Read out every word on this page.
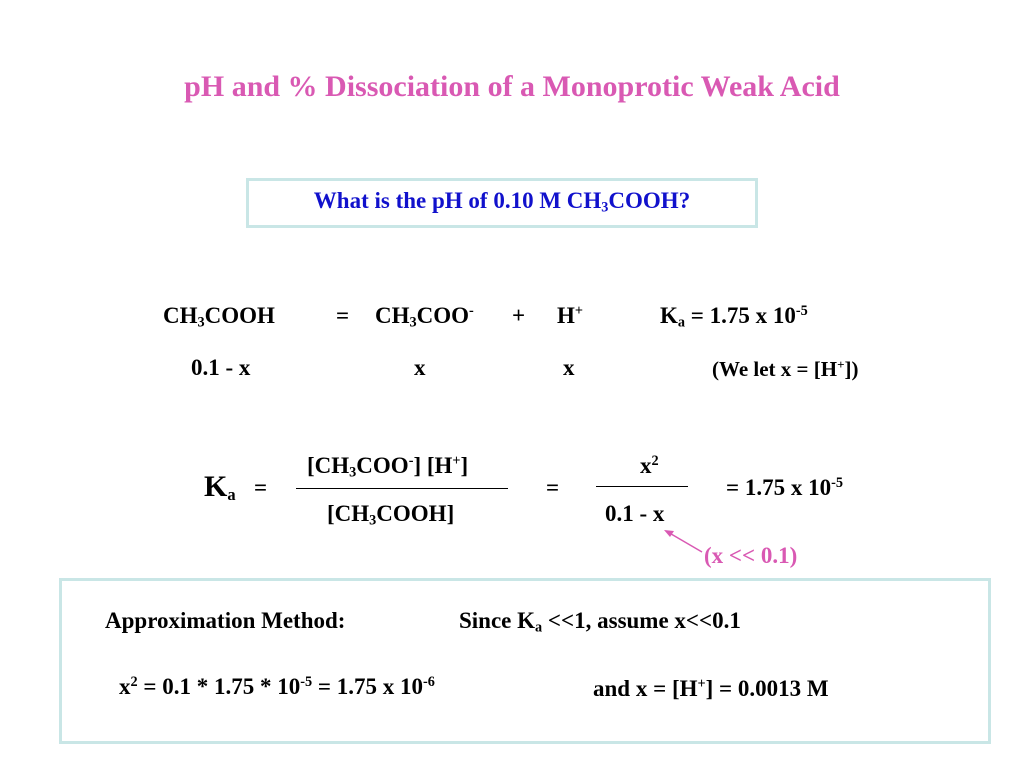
pH and % Dissociation of a Monoprotic Weak Acid
What is the pH of 0.10 M $CH_3COOH$?
$CH_3COOH$	= $CH_3COO^- + H^+$	$K_a = 1.75$ x $10^{-5}$
0.1 - x	x	x	(We let x = [H+])
$K_a$ =
$[CH_3COO^-]$ [H+]
$[CH_3COOH]$
=
$x^2$
0.1 - x
= 1.75 x $10^{-5}$
(x << 0.1)
Approximation Method:	Since $K_a <<1$, assume x<<0.1
$x^2 = 0.1 * 1.75 * 10^{-5} = 1.75$ x $10^{-6}$	and x = [H+] = 0.0013 M
